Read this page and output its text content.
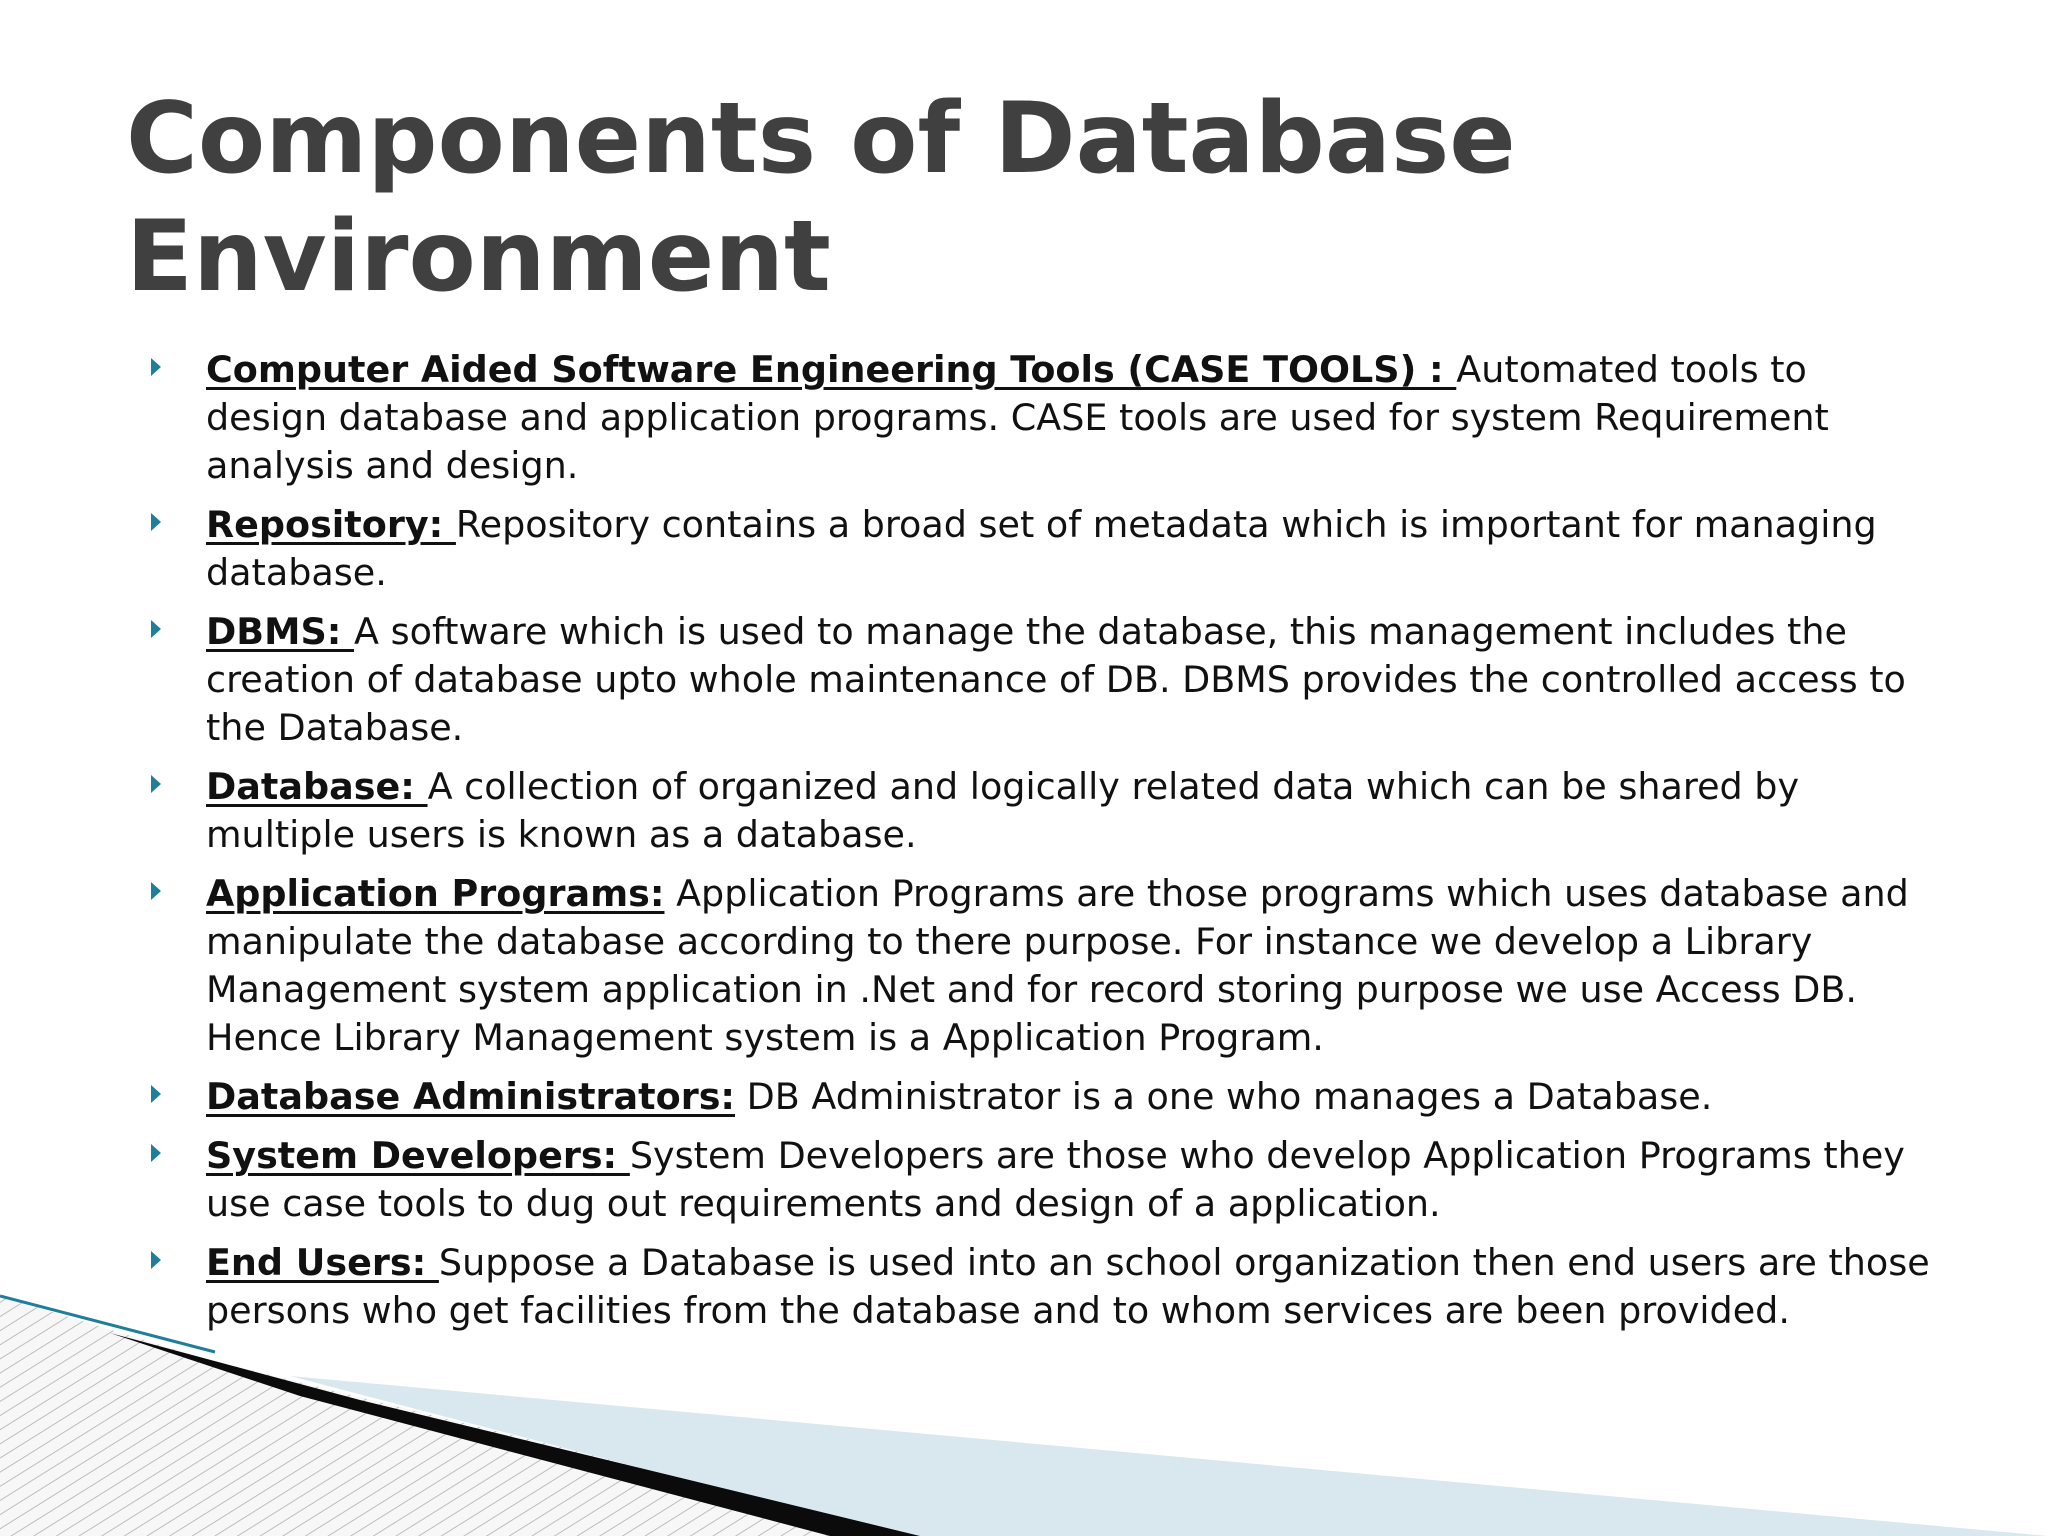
Components of Database Environment
Computer Aided Software Engineering Tools (CASE TOOLS) : Automated tools to design database and application programs. CASE tools are used for system Requirement analysis and design.
Repository: Repository contains a broad set of metadata which is important for managing database.
DBMS: A software which is used to manage the database, this management includes the creation of database upto whole maintenance of DB. DBMS provides the controlled access to the Database.
Database: A collection of organized and logically related data which can be shared by multiple users is known as a database.
Application Programs: Application Programs are those programs which uses database and manipulate the database according to there purpose. For instance we develop a Library Management system application in .Net and for record storing purpose we use Access DB. Hence Library Management system is a Application Program.
Database Administrators: DB Administrator is a one who manages a Database.
System Developers: System Developers are those who develop Application Programs they use case tools to dug out requirements and design of a application.
End Users: Suppose a Database is used into an school organization then end users are those persons who get facilities from the database and to whom services are been provided.
